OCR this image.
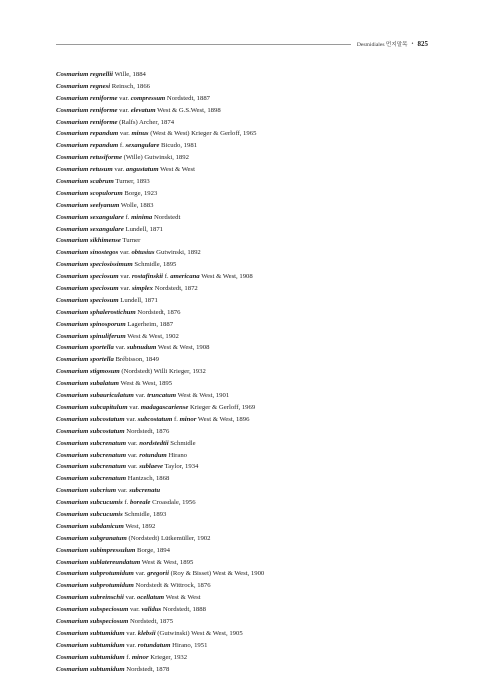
Desmidiales 먼지말목 • 825
Cosmarium regnellii Wille, 1884
Cosmarium regnesi Reinsch, 1866
Cosmarium reniforme var. compressum Nordstedt, 1887
Cosmarium reniforme var. elevatum West & G.S.West, 1898
Cosmarium reniforme (Ralfs) Archer, 1874
Cosmarium repandum var. minus (West & West) Krieger & Gerloff, 1965
Cosmarium repandum f. sexangulare Bicudo, 1981
Cosmarium retusiforme (Wille) Gutwinski, 1892
Cosmarium retusum var. angustatum West & West
Cosmarium scabrum Turner, 1893
Cosmarium scopulorum Borge, 1923
Cosmarium seelyanum Wolle, 1883
Cosmarium sexangulare f. minima Nordstedt
Cosmarium sexangulare Lundell, 1871
Cosmarium sikhimense Turner
Cosmarium sinostegos var. obtusius Gutwinski, 1892
Cosmarium speciosissimum Schmidle, 1895
Cosmarium speciosum var. rostafinskii f. americana West & West, 1908
Cosmarium speciosum var. simplex Nordstedt, 1872
Cosmarium speciosum Lundell, 1871
Cosmarium sphalerostichum Nordstedt, 1876
Cosmarium spinosporum Lagerheim, 1887
Cosmarium spinuliferum West & West, 1902
Cosmarium sportella var. subnudum West & West, 1908
Cosmarium sportella Brébisson, 1849
Cosmarium stigmosum (Nordstedt) Willi Krieger, 1932
Cosmarium subalatum West & West, 1895
Cosmarium subauriculatum var. truncatum West & West, 1901
Cosmarium subcapitulum var. madagascariense Krieger & Gerloff, 1969
Cosmarium subcostatum var. subcostatum f. minor West & West, 1896
Cosmarium subcostatum Nordstedt, 1876
Cosmarium subcrenatum var. nordstedtii Schmidle
Cosmarium subcrenatum var. rotundum Hirano
Cosmarium subcrenatum var. sublaeve Taylor, 1934
Cosmarium subcrenatum Hantzsch, 1868
Cosmarium subcrium var. subcrenatu
Cosmarium subcucumis f. boreale Croasdale, 1956
Cosmarium subcucumis Schmidle, 1893
Cosmarium subdanicum West, 1892
Cosmarium subgranatum (Nordstedt) Lütkemüller, 1902
Cosmarium subimpressulum Borge, 1894
Cosmarium sublatereundatum West & West, 1895
Cosmarium subprotumidum var. gregorii (Roy & Bisset) West & West, 1900
Cosmarium subprotumidum Nordstedt & Wittrock, 1876
Cosmarium subreinschii var. ocellatum West & West
Cosmarium subspeciosum var. validus Nordstedt, 1888
Cosmarium subspeciosum Nordstedt, 1875
Cosmarium subtumidum var. klebsii (Gutwinski) West & West, 1905
Cosmarium subtumidum var. rotundatum Hirano, 1951
Cosmarium subtumidum f. minor Krieger, 1932
Cosmarium subtumidum Nordstedt, 1878
